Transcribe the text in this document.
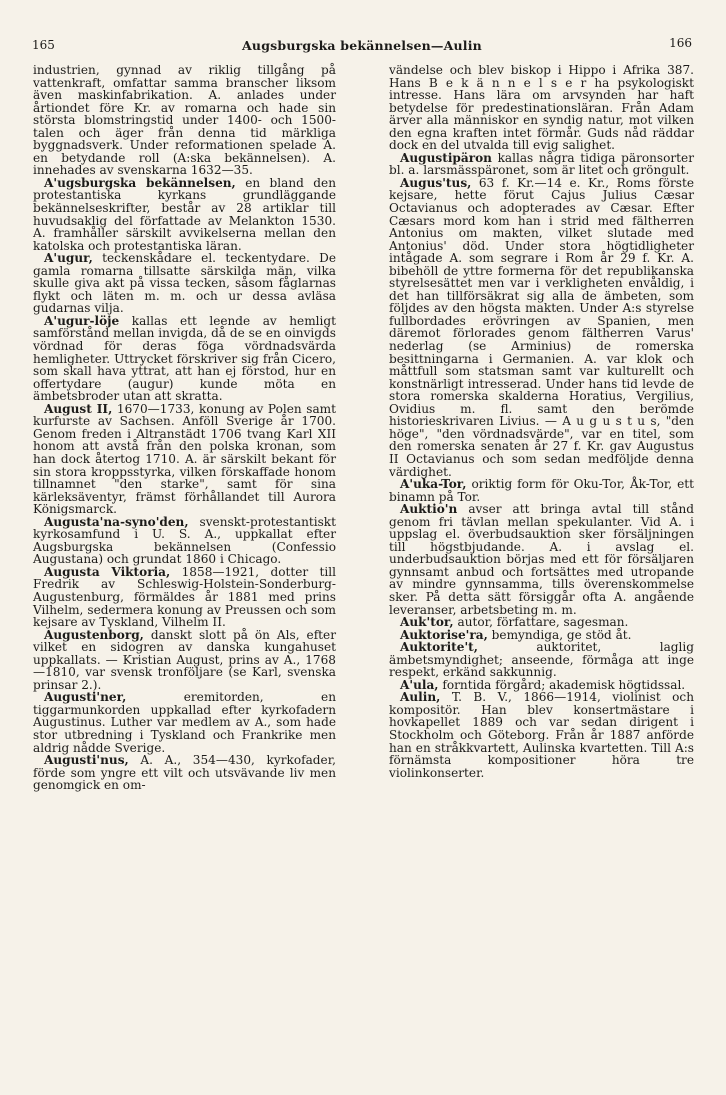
165	Augsburgska bekännelsen—Aulin	166

industrien, gynnad av riklig tillgång på vattenkraft, omfattar samma branscher liksom även maskinfabrikation. A. anlades under årtiondet före Kr. av romarna och hade sin största blomstringstid under 1400- och 1500-talen och äger från denna tid märkliga byggnadsverk. Under reformationen spelade A. en betydande roll (A:ska bekännelsen). A. innehades av svenskarna 1632—35.

A'ugsburgska bekännelsen, en bland den protestantiska kyrkans grundläggande bekännelseskrifter, består av 28 artiklar till huvudsaklig del författade av Melankton 1530. A. framhåller särskilt avvikelserna mellan den katolska och protestantiska läran.

A'ugur, teckenskådare el. teckentydare. De gamla romarna tillsatte särskilda män, vilka skulle giva akt på vissa tecken, såsom fåglarnas flykt och läten m. m. och ur dessa avläsa gudarnas vilja.

A'ugur-löje kallas ett leende av hemligt samförstånd mellan invigda, då de se en oinvigds vördnad för deras föga vördnadsvärda hemligheter. Uttrycket förskriver sig från Cicero, som skall hava yttrat, att han ej förstod, hur en offertydare (augur) kunde möta en ämbetsbroder utan att skratta.

August II, 1670—1733, konung av Polen samt kurfurste av Sachsen. Anföll Sverige år 1700. Genom freden i Altranstädt 1706 tvang Karl XII honom att avstå från den polska kronan, som han dock återtog 1710. A. är särskilt bekant för sin stora kroppsstyrka, vilken förskaffade honom tillnamnet "den starke", samt för sina kärleksäventyr, främst förhållandet till Aurora Königsmarck.

Augusta'na-syno'den, svenskt-protestantiskt kyrkosamfund i U. S. A., uppkallat efter Augsburgska bekännelsen (Confessio Augustana) och grundat 1860 i Chicago.

Augusta Viktoria, 1858—1921, dotter till Fredrik av Schleswig-Holstein-Sonderburg-Augustenburg, förmäldes år 1881 med prins Vilhelm, sedermera konung av Preussen och som kejsare av Tyskland, Vilhelm II.

Augustenborg, danskt slott på ön Als, efter vilket en sidogren av danska kungahuset uppkallats. — Kristian August, prins av A., 1768—1810, var svensk tronföljare (se Karl, svenska prinsar 2.).

Augusti'ner,	eremitorden, en tiggarmunkorden uppkallad efter kyrkofadern Augustinus. Luther var medlem av A., som hade stor utbredning i Tyskland och Frankrike men aldrig nådde Sverige.

Augusti'nus, A. A., 354—430, kyrkofader, förde som yngre ett vilt och utsvävande liv men genomgick en om-

vändelse och blev biskop i Hippo i Afrika 387. Hans B e k ä n n e l s e r ha psykologiskt intresse. Hans lära om arvsynden har haft betydelse för predestinationsläran. Från Adam ärver alla människor en syndig natur, mot vilken den egna kraften intet förmår. Guds nåd räddar dock en del utvalda till evig salighet.

Augustipäron kallas några tidiga päronsorter bl. a. larsmässpäronet, som är litet och gröngult.

Augus'tus, 63 f. Kr.—14 e. Kr., Roms förste kejsare, hette förut Cajus Julius Cæsar Octavianus och adopterades av Cæsar. Efter Cæsars mord kom han i strid med fältherren Antonius om makten, vilket slutade med Antonius' död. Under stora högtidligheter intågade A. som segrare i Rom år 29 f. Kr. A. bibehöll de yttre formerna för det republikanska styrelsesättet men var i verkligheten envåldig, i det han tillförsäkrat sig alla de ämbeten, som följdes av den högsta makten. Under A:s styrelse fullbordades erövringen av Spanien, men däremot förlorades genom fältherren Varus' nederlag (se Arminius) de romerska besittningarna i Germanien. A. var klok och måttfull som statsman samt var kulturellt och konstnärligt intresserad. Under hans tid levde de stora romerska skalderna Horatius, Vergilius, Ovidius m. fl. samt den berömde historieskrivaren Livius. — A u g u s t u s, "den höge", "den vördnadsvärde", var en titel, som den romerska senaten år 27 f. Kr. gav Augustus II Octavianus och som sedan medföljde denna värdighet.

A'uka-Tor, oriktig form för Oku-Tor, Åk-Tor, ett binamn på Tor.

Auktio'n avser att bringa avtal till stånd genom fri tävlan mellan spekulanter. Vid A. i uppslag el. överbudsauktion sker försäljningen till högstbjudande. A. i avslag el. underbudsauktion börjas med ett för försäljaren gynnsamt anbud och fortsättes med utropande av mindre gynnsamma, tills överenskommelse sker. På detta sätt försiggår ofta A. angående leveranser, arbetsbeting m. m.

Auk'tor, autor, författare, sagesman.

Auktorise'ra, bemyndiga, ge stöd åt.

Auktorite't,	auktoritet, laglig ämbetsmyndighet; anseende, förmåga att inge respekt, erkänd sakkunnig.

A'ula, forntida förgård; akademisk högtidssal.

Aulin, T. B. V., 1866—1914, violinist och kompositör. Han blev konsertmästare i hovkapellet 1889 och var sedan dirigent i Stockholm och Göteborg. Från år 1887 anförde han en stråkkvartett, Aulinska kvartetten. Till A:s förnämsta kompositioner höra tre violinkonserter.
